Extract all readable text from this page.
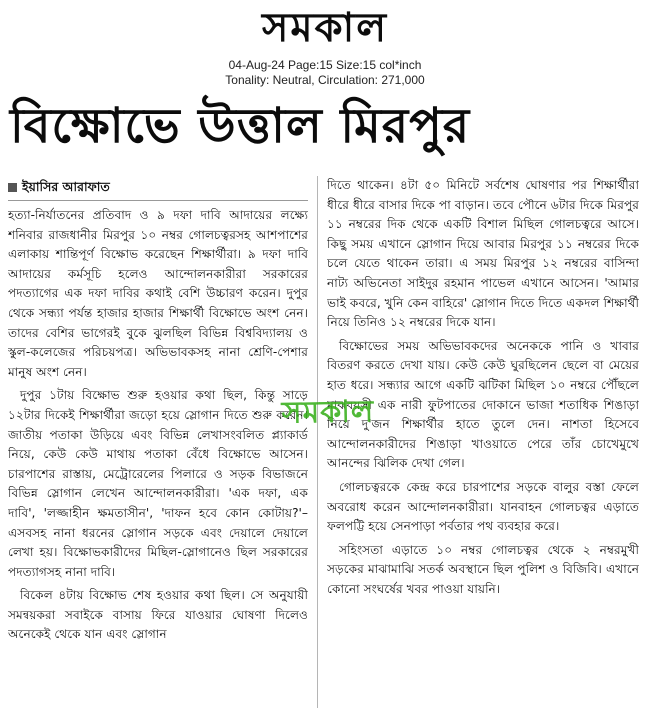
সমকাল
04-Aug-24 Page:15 Size:15 col*inch
Tonality: Neutral, Circulation: 271,000
বিক্ষোভে উত্তাল মিরপুর
ইয়াসির আরাফাত

হত্যা-নির্যাতনের প্রতিবাদ ও ৯ দফা দাবি আদায়ের লক্ষ্যে শনিবার রাজধানীর মিরপুর ১০ নম্বর গোলচত্বরসহ আশপাশের এলাকায় শান্তিপূর্ণ বিক্ষোভ করেছেন শিক্ষার্থীরা। ৯ দফা দাবি আদায়ের কর্মসূচি হলেও আন্দোলনকারীরা সরকারের পদত্যাগের এক দফা দাবির কথাই বেশি উচ্চারণ করেন। দুপুর থেকে সন্ধ্যা পর্যন্ত হাজার হাজার শিক্ষার্থী বিক্ষোভে অংশ নেন। তাদের বেশির ভাগেরই বুকে ঝুলছিল বিভিন্ন বিশ্ববিদ্যালয় ও স্কুল-কলেজের পরিচয়পত্র। অভিভাবকসহ নানা শ্রেণি-পেশার মানুষ অংশ নেন।

দুপুর ১টায় বিক্ষোভ শুরু হওয়ার কথা ছিল, কিন্তু সাড়ে ১২টার দিকেই শিক্ষার্থীরা জড়ো হয়ে স্লোগান দিতে শুরু করেন। জাতীয় পতাকা উড়িয়ে এবং বিভিন্ন লেখাসংবলিত প্ল্যাকার্ড নিয়ে, কেউ কেউ মাথায় পতাকা বেঁধে বিক্ষোভে আসেন। চারপাশের রাস্তায়, মেট্রোরেলের পিলারে ও সড়ক বিভাজনে বিভিন্ন স্লোগান লেখেন আন্দোলনকারীরা। 'এক দফা, এক দাবি', 'লজ্জাহীন ক্ষমতাসীন', 'দাফন হবে কোন কোটায়?'–এসবসহ নানা ধরনের স্লোগান সড়কে এবং দেয়ালে দেয়ালে লেখা হয়। বিক্ষোভকারীদের মিছিল-স্লোগানেও ছিল সরকারের পদত্যাগসহ নানা দাবি।

বিকেল ৪টায় বিক্ষোভ শেষ হওয়ার কথা ছিল। সে অনুযায়ী সমন্বয়করা সবাইকে বাসায় ফিরে যাওয়ার ঘোষণা দিলেও অনেকেই থেকে যান এবং স্লোগান

দিতে থাকেন। ৪টা ৫০ মিনিটে সর্বশেষ ঘোষণার পর শিক্ষার্থীরা ধীরে ধীরে বাসার দিকে পা বাড়ান। তবে পৌনে ৬টার দিকে মিরপুর ১১ নম্বরের দিক থেকে একটি বিশাল মিছিল গোলচত্বরে আসে। কিছু সময় এখানে স্লোগান দিয়ে আবার মিরপুর ১১ নম্বরের দিকে চলে যেতে থাকেন তারা। এ সময় মিরপুর ১২ নম্বরের বাসিন্দা নাট্য অভিনেতা সাইদুর রহমান পাভেল এখানে আসেন। 'আমার ভাই কবরে, খুনি কেন বাহিরে' স্লোগান দিতে দিতে একদল শিক্ষার্থী নিয়ে তিনিও ১২ নম্বরের দিকে যান।

বিক্ষোভের সময় অভিভাবকদের অনেককে পানি ও খাবার বিতরণ করতে দেখা যায়। কেউ কেউ ঘুরছিলেন ছেলে বা মেয়ের হাত ধরে। সন্ধ্যার আগে একটি ঝটিকা মিছিল ১০ নম্বরে পৌঁছলে মাঝবয়সী এক নারী ফুটপাতের দোকানে ভাজা শতাধিক শিঙাড়া নিয়ে দু'জন শিক্ষার্থীর হাতে তুলে দেন। নাশতা হিসেবে আন্দোলনকারীদের শিঙাড়া খাওয়াতে পেরে তাঁর চোখেমুখে আনন্দের ঝিলিক দেখা গেল।

গোলচত্বরকে কেন্দ্র করে চারপাশের সড়কে বালুর বস্তা ফেলে অবরোধ করেন আন্দোলনকারীরা। যানবাহন গোলচত্বর এড়াতে ফলপট্টি হয়ে সেনপাড়া পর্বতার পথ ব্যবহার করে।

সহিংসতা এড়াতে ১০ নম্বর গোলচত্বর থেকে ২ নম্বরমুখী সড়কের মাঝামাঝি সতর্ক অবস্থানে ছিল পুলিশ ও বিজিবি। এখানে কোনো সংঘর্ষের খবর পাওয়া যায়নি।

সমকাল
